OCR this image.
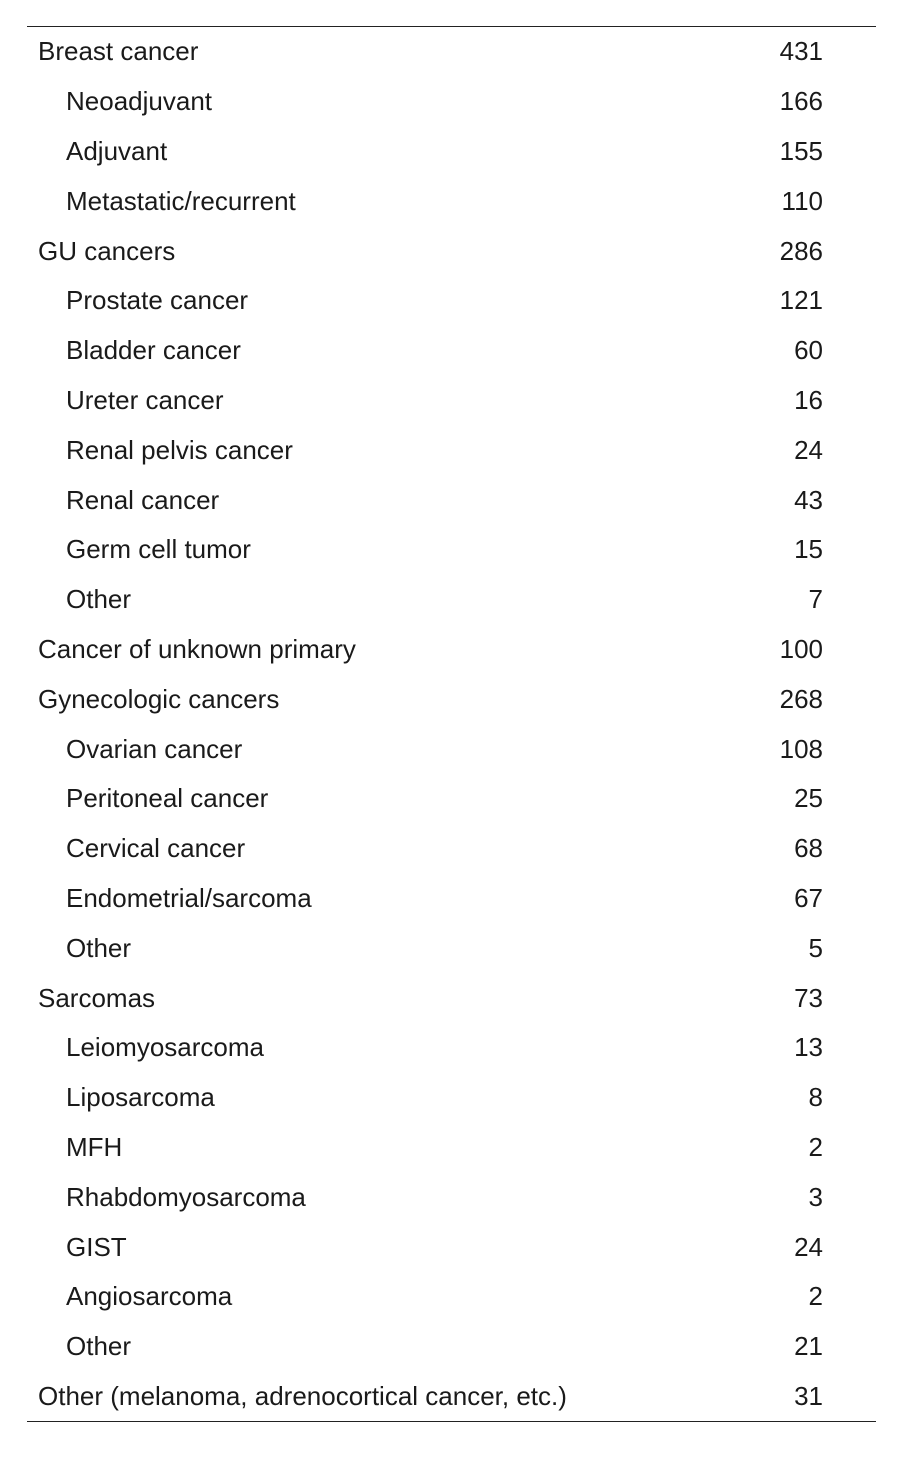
Breast cancer	431
Neoadjuvant	166
Adjuvant	155
Metastatic/recurrent	110
GU cancers	286
Prostate cancer	121
Bladder cancer	60
Ureter cancer	16
Renal pelvis cancer	24
Renal cancer	43
Germ cell tumor	15
Other	7
Cancer of unknown primary	100
Gynecologic cancers	268
Ovarian cancer	108
Peritoneal cancer	25
Cervical cancer	68
Endometrial/sarcoma	67
Other	5
Sarcomas	73
Leiomyosarcoma	13
Liposarcoma	8
MFH	2
Rhabdomyosarcoma	3
GIST	24
Angiosarcoma	2
Other	21
Other (melanoma, adrenocortical cancer, etc.)	31
